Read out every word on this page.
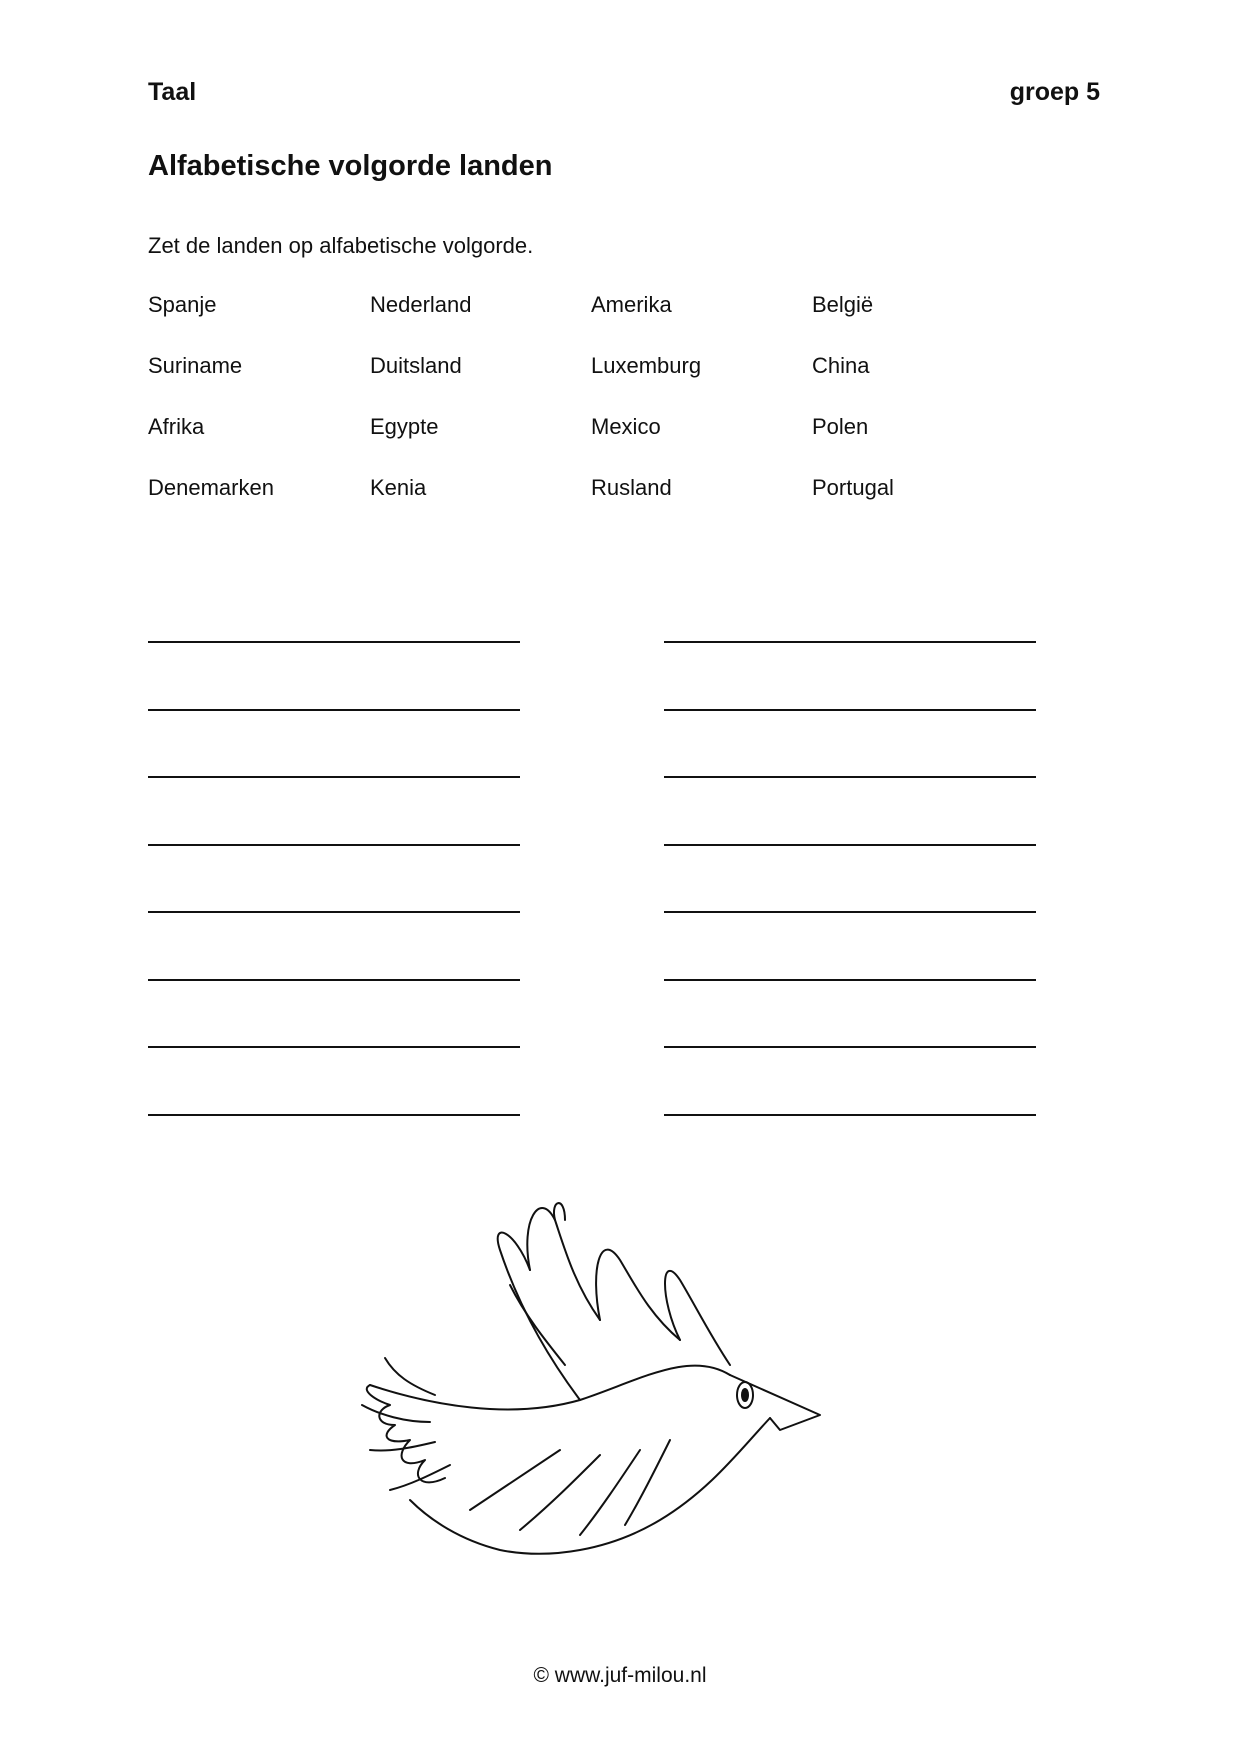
Taal	groep 5
Alfabetische volgorde landen
Zet de landen op alfabetische volgorde.
Spanje	Nederland	Amerika	België
Suriname	Duitsland	Luxemburg	China
Afrika	Egypte	Mexico	Polen
Denemarken	Kenia	Rusland	Portugal
© www.juf-milou.nl
